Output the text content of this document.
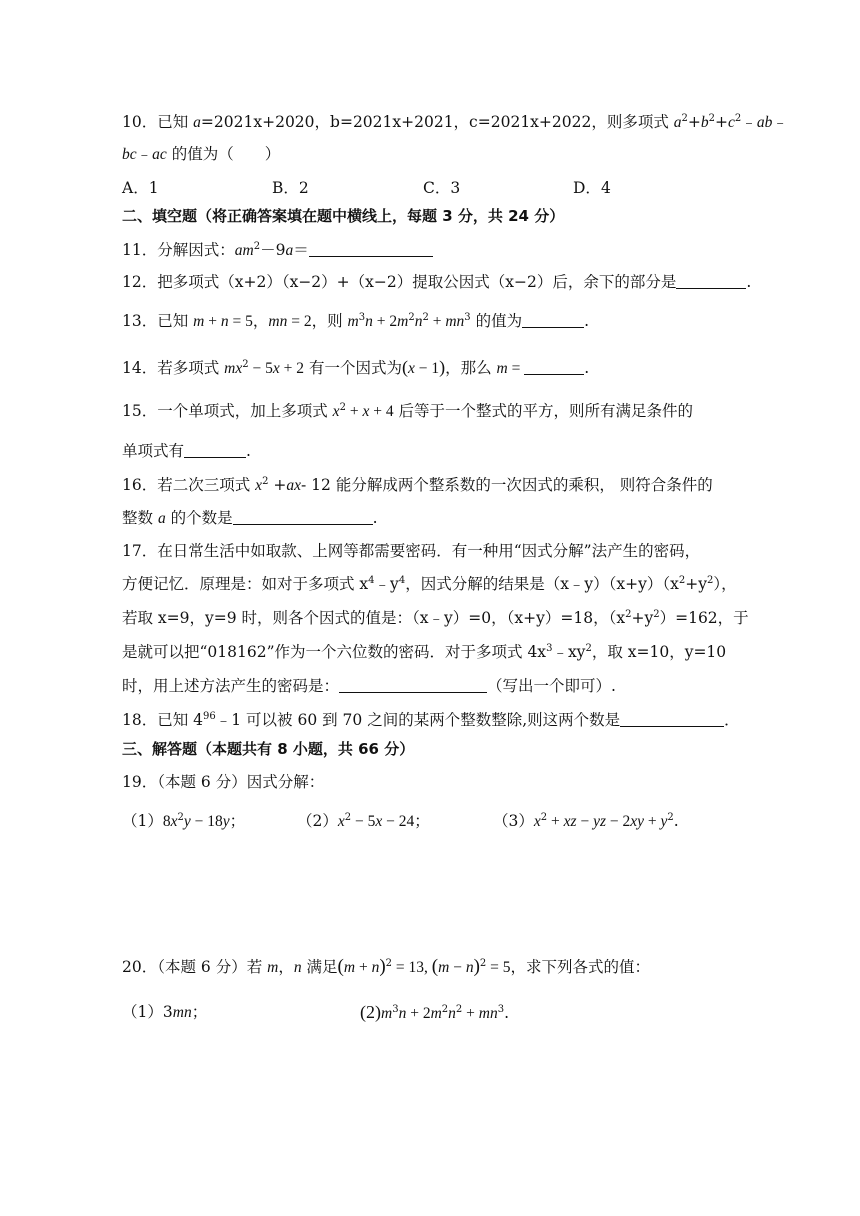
10．已知 a=2021x+2020，b=2021x+2021，c=2021x+2022，则多项式 $a^2+b^2+c^2﹣ab﹣$
bc﹣ac 的值为（　　）
A．1	B．2	C．3	D．4
二、填空题（将正确答案填在题中横线上，每题 3 分，共 24 分）
11．分解因式：$am^2-9a=$
12．把多项式（x+2）（x−2）+（x−2）提取公因式（x−2）后，余下的部分是	.
13．已知 m + n = 5，mn = 2，则 $m^3n + 2m^2n^2 + mn^3$ 的值为	.
14．若多项式 $mx^2 - 5x + 2$ 有一个因式为(x − 1)，那么 m =	.
15．一个单项式，加上多项式 $x^2 + x + 4$ 后等于一个整式的平方，则所有满足条件的
单项式有	.
16．若二次三项式 $x^2 +ax-$ 12 能分解成两个整系数的一次因式的乘积， 则符合条件的
整数 a 的个数是	.
17．在日常生活中如取款、上网等都需要密码．有一种用“因式分解”法产生的密码，
方便记忆．原理是：如对于多项式 $x^4﹣y^4$，因式分解的结果是$(x﹣y)(x+y)(x^2+y^2)$，
若取 x=9，y=9 时，则各个因式的值是：（x﹣y）=0，（x+y）=18，$(x^2+y^2)=162$，于
是就可以把“018162”作为一个六位数的密码．对于多项式 $4x^3﹣xy^2$，取 x=10，y=10
时，用上述方法产生的密码是：	（写出一个即可）.
18．已知 $4^{96}﹣1$ 可以被 60 到 70 之间的某两个整数整除,则这两个数是	．
三、解答题（本题共有 8 小题，共 66 分）
19．（本题 6 分）因式分解：
$(1)8x^2y - 18y$；	$(2)x^2 - 5x - 24$；	$(3)x^2$ + xz − yz − $2xy + y^2$.
20．（本题 6 分）若 m，n 满足$(m + n)^2 = 13$, $(m - n)^2 = 5$，求下列各式的值：
（1）3mn；	$(2)m^3n + 2m^2n^2 + mn^3$.
